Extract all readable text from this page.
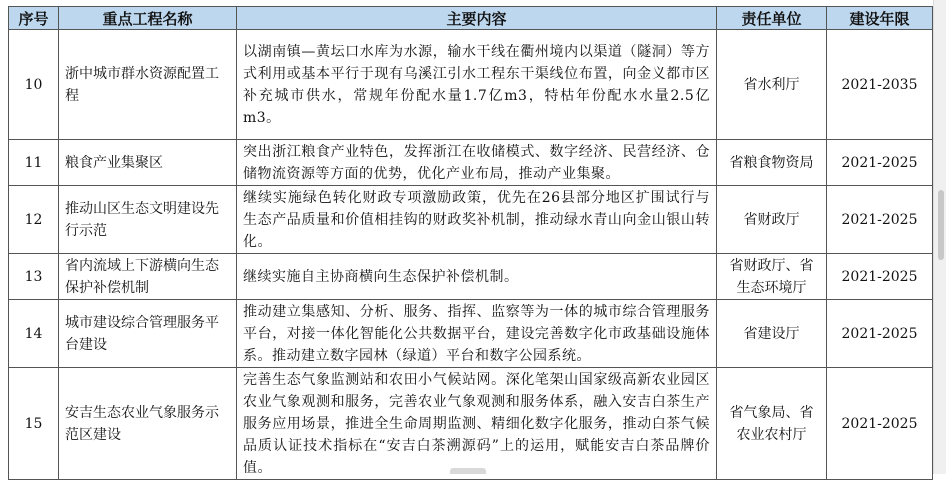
序号	重点工程名称	主要内容	责任单位	建设年限
10	浙中城市群水资源配置工程	以湖南镇—黄坛口水库为水源，输水干线在衢州境内以渠道（隧洞）等方式利用或基本平行于现有乌溪江引水工程东干渠线位布置，向金义都市区补充城市供水，常规年份配水量1.7亿m3，特枯年份配水水量2.5亿m3。	省水利厅	2021-2035
11	粮食产业集聚区	突出浙江粮食产业特色，发挥浙江在收储模式、数字经济、民营经济、仓储物流资源等方面的优势，优化产业布局，推动产业集聚。	省粮食物资局	2021-2025
12	推动山区生态文明建设先行示范	继续实施绿色转化财政专项激励政策，优先在26县部分地区扩围试行与生态产品质量和价值相挂钩的财政奖补机制，推动绿水青山向金山银山转化。	省财政厅	2021-2025
13	省内流域上下游横向生态保护补偿机制	继续实施自主协商横向生态保护补偿机制。	省财政厅、省生态环境厅	2021-2025
14	城市建设综合管理服务平台建设	推动建立集感知、分析、服务、指挥、监察等为一体的城市综合管理服务平台，对接一体化智能化公共数据平台，建设完善数字化市政基础设施体系。推动建立数字园林（绿道）平台和数字公园系统。	省建设厅	2021-2025
15	安吉生态农业气象服务示范区建设	完善生态气象监测站和农田小气候站网。深化笔架山国家级高新农业园区农业气象观测和服务，完善农业气象观测和服务体系，融入安吉白茶生产服务应用场景，推进全生命周期监测、精细化数字化服务，推动白茶气候品质认证技术指标在“安吉白茶溯源码”上的运用，赋能安吉白茶品牌价值。	省气象局、省农业农村厅	2021-2025
